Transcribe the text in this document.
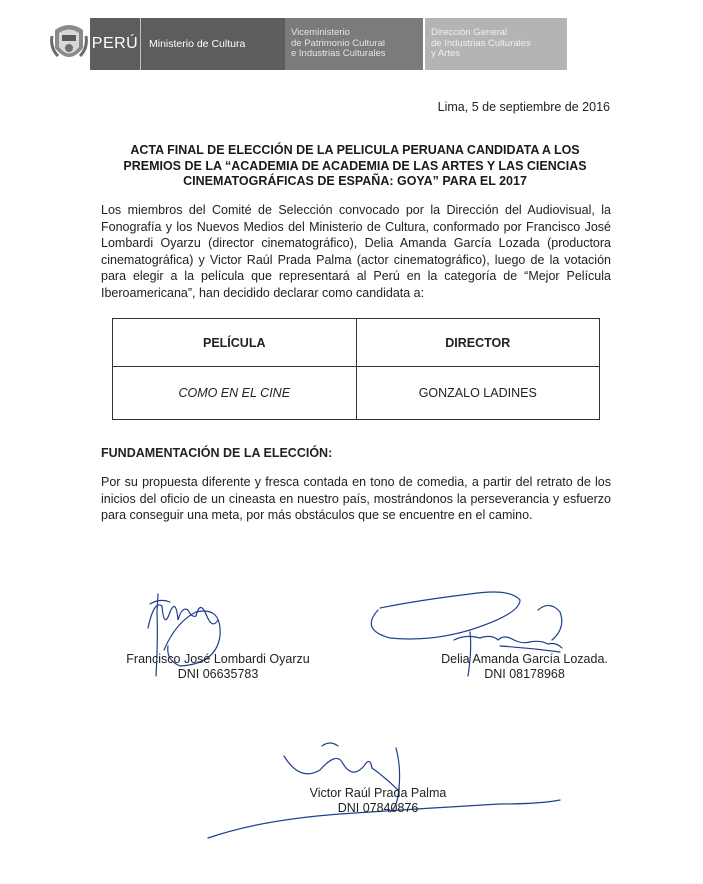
PERÚ	Ministerio de Cultura
Viceministerio
de Patrimonio Cultural
e Industrias Culturales
Dirección General
de Industrias Culturales
y Artes
Lima, 5 de septiembre de 2016
ACTA FINAL DE ELECCIÓN DE LA PELICULA PERUANA CANDIDATA A LOS
PREMIOS DE LA “ACADEMIA DE ACADEMIA DE LAS ARTES Y LAS CIENCIAS
CINEMATOGRÁFICAS DE ESPAÑA: GOYA” PARA EL 2017
Los miembros del Comité de Selección convocado por la Dirección del Audiovisual, la Fonografía y los Nuevos Medios del Ministerio de Cultura, conformado por Francisco José Lombardi Oyarzu (director cinematográfico), Delia Amanda García Lozada (productora cinematográfica) y Victor Raúl Prada Palma (actor cinematográfico), luego de la votación para elegir a la película que representará al Perú en la categoría de “Mejor Película Iberoamericana”, han decidido declarar como candidata a:
PELÍCULA	DIRECTOR
COMO EN EL CINE	GONZALO LADINES
FUNDAMENTACIÓN DE LA ELECCIÓN:
Por su propuesta diferente y fresca contada en tono de comedia, a partir del retrato de los inicios del oficio de un cineasta en nuestro país, mostrándonos la perseverancia y esfuerzo para conseguir una meta, por más obstáculos que se encuentre en el camino.
Francisco José Lombardi Oyarzu
DNI 06635783
Delia Amanda García Lozada.
DNI 08178968
Victor Raúl Prada Palma
DNI 07840876
